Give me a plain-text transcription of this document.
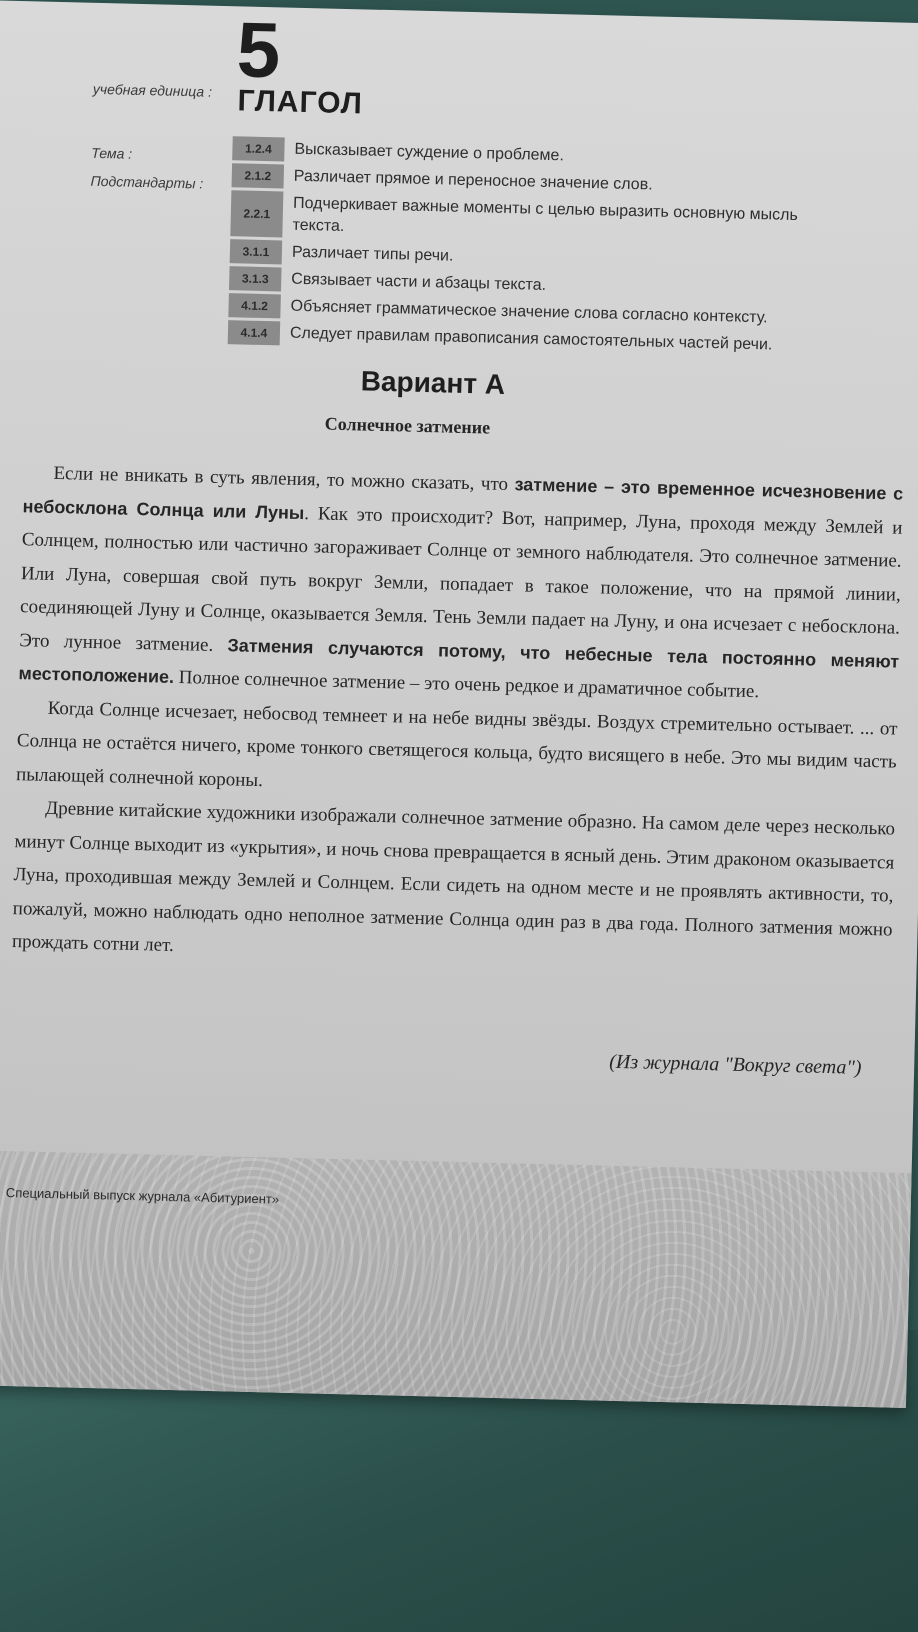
учебная единица : 5
ГЛАГОЛ
Тема :
Подстандарты :
1.2.4	Высказывает суждение о проблеме.
2.1.2	Различает прямое и переносное значение слов.
2.2.1	Подчеркивает важные моменты с целью выразить основную мысль текста.
3.1.1	Различает типы речи.
3.1.3	Связывает части и абзацы текста.
4.1.2	Объясняет грамматическое значение слова согласно контексту.
4.1.4	Следует правилам правописания самостоятельных частей речи.
Вариант А
Солнечное затмение

Если не вникать в суть явления, то можно сказать, что затмение – это временное исчезновение с небосклона Солнца или Луны. Как это происходит? Вот, например, Луна, проходя между Землей и Солнцем, полностью или частично загораживает Солнце от земного наблюдателя. Это солнечное затмение. Или Луна, совершая свой путь вокруг Земли, попадает в такое положение, что на прямой линии, соединяющей Луну и Солнце, оказывается Земля. Тень Земли падает на Луну, и она исчезает с небосклона. Это лунное затмение. Затмения случаются потому, что небесные тела постоянно меняют местоположение. Полное солнечное затмение – это очень редкое и драматичное событие.

Когда Солнце исчезает, небосвод темнеет и на небе видны звёзды. Воздух стремительно остывает. ... от Солнца не остаётся ничего, кроме тонкого светящегося кольца, будто висящего в небе. Это мы видим часть пылающей солнечной короны.

Древние китайские художники изображали солнечное затмение образно. На самом деле через несколько минут Солнце выходит из «укрытия», и ночь снова превращается в ясный день. Этим драконом оказывается Луна, проходившая между Землей и Солнцем. Если сидеть на одном месте и не проявлять активности, то, пожалуй, можно наблюдать одно неполное затмение Солнца один раз в два года. Полного затмения можно прождать сотни лет.

(Из журнала "Вокруг света")
Специальный выпуск журнала «Абитуриент»
